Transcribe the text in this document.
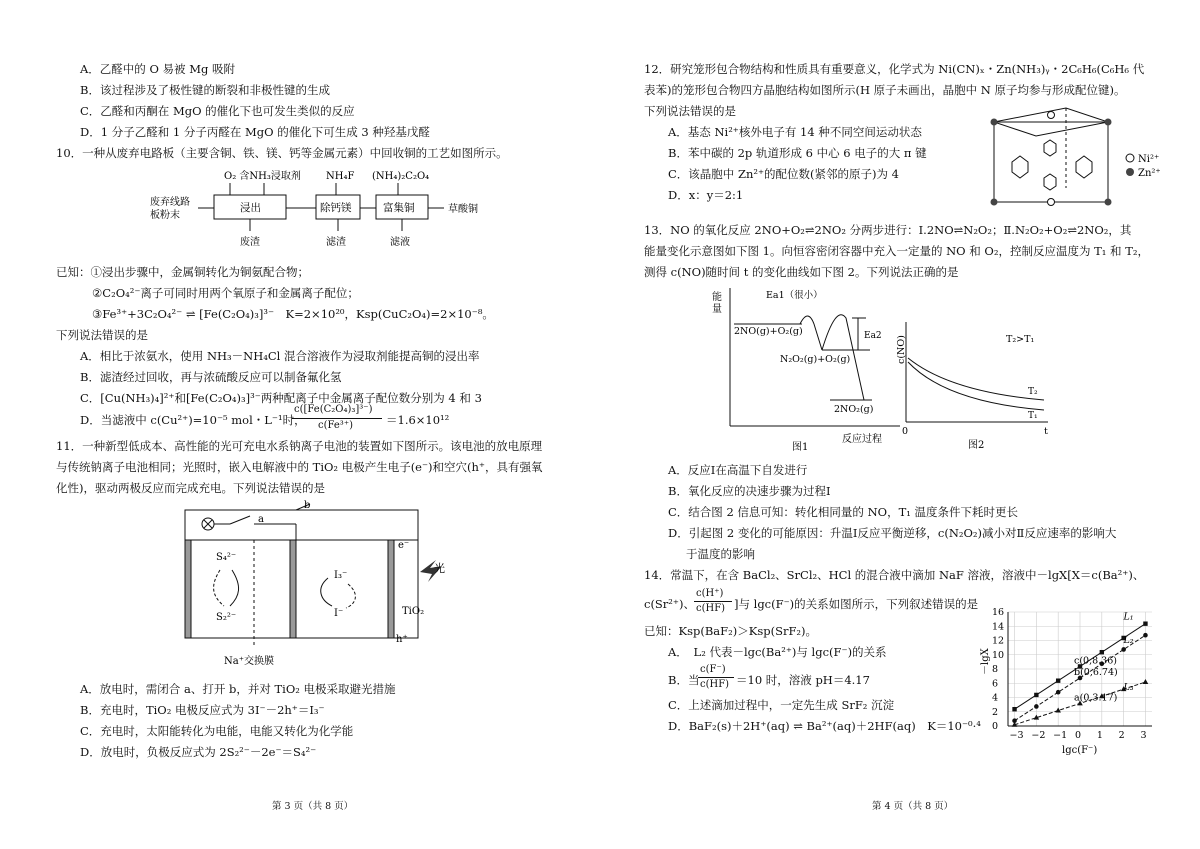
A．乙醛中的 O 易被 Mg 吸附
B．该过程涉及了极性键的断裂和非极性键的生成
C．乙醛和丙酮在 MgO 的催化下也可发生类似的反应
D．1 分子乙醛和 1 分子丙醛在 MgO 的催化下可生成 3 种羟基戊醛
10．一种从废弃电路板（主要含铜、铁、镁、钙等金属元素）中回收铜的工艺如图所示。
O₂ 含NH₃浸取剂	NH₄F (NH₄)₂C₂O₄
废弃线路
板粉末
浸出	除钙镁	富集铜	草酸铜
废渣	滤渣	滤液
已知：①浸出步骤中，金属铜转化为铜氨配合物；
②C₂O₄²⁻离子可同时用两个氧原子和金属离子配位；
③Fe³⁺+3C₂O₄²⁻ ⇌ [Fe(C₂O₄)₃]³⁻　K=2×10²⁰，Ksp(CuC₂O₄)=2×10⁻⁸。
下列说法错误的是
A．相比于浓氨水，使用 NH₃－NH₄Cl 混合溶液作为浸取剂能提高铜的浸出率
B．滤渣经过回收，再与浓硫酸反应可以制备氟化氢
C．[Cu(NH₃)₄]²⁺和[Fe(C₂O₄)₃]³⁻两种配离子中金属离子配位数分别为 4 和 3
D．当滤液中 c(Cu²⁺)=10⁻⁵ mol・L⁻¹时，
c([Fe(C₂O₄)₃]³⁻)
c(Fe³⁺)	＝1.6×10¹²
11．一种新型低成本、高性能的光可充电水系钠离子电池的装置如下图所示。该电池的放电原理
与传统钠离子电池相同；光照时，嵌入电解液中的 TiO₂ 电极产生电子(e⁻)和空穴(h⁺，具有强氧
化性)，驱动两极反应而完成充电。下列说法错误的是
a
b
S₄²⁻
S₂²⁻
I₃⁻
I⁻
e⁻
光
TiO₂
h⁺
Na⁺交换膜
A．放电时，需闭合 a、打开 b，并对 TiO₂ 电极采取避光措施
B．充电时，TiO₂ 电极反应式为 3I⁻－2h⁺＝I₃⁻
C．充电时，太阳能转化为电能，电能又转化为化学能
D．放电时，负极反应式为 2S₂²⁻－2e⁻＝S₄²⁻
第 3 页（共 8 页）
12．研究笼形包合物结构和性质具有重要意义，化学式为 Ni(CN)ₓ・Zn(NH₃)ᵧ・2C₆H₆(C₆H₆ 代
表苯)的笼形包合物四方晶胞结构如图所示(H 原子未画出，晶胞中 N 原子均参与形成配位键)。
下列说法错误的是
A．基态 Ni²⁺核外电子有 14 种不同空间运动状态
B．苯中碳的 2p 轨道形成 6 中心 6 电子的大 π 键
C．该晶胞中 Zn²⁺的配位数(紧邻的原子)为 4
D．x：y＝2:1
Ni²⁺
Zn²⁺
13．NO 的氧化反应 2NO+O₂⇌2NO₂ 分两步进行：Ⅰ.2NO⇌N₂O₂；Ⅱ.N₂O₂+O₂⇌2NO₂，其
能量变化示意图如下图 1。向恒容密闭容器中充入一定量的 NO 和 O₂，控制反应温度为 T₁ 和 T₂，
测得 c(NO)随时间 t 的变化曲线如下图 2。下列说法正确的是
能
量
Ea1（很小）
2NO(g)+O₂(g)
N₂O₂(g)+O₂(g)
Ea2
2NO₂(g)
反应过程
图1
c(NO)	T₂>T₁
T₂
T₁
0	t
图2
A．反应Ⅰ在高温下自发进行
B．氧化反应的决速步骤为过程Ⅰ
C．结合图 2 信息可知：转化相同量的 NO，T₁ 温度条件下耗时更长
D．引起图 2 变化的可能原因：升温Ⅰ反应平衡逆移，c(N₂O₂)减小对Ⅱ反应速率的影响大
于温度的影响
14．常温下，在含 BaCl₂、SrCl₂、HCl 的混合液中滴加 NaF 溶液，溶液中－lgX[X＝c(Ba²⁺)、
c(Sr²⁺)、
c(H⁺)
c(HF) ]与 lgc(F⁻)的关系如图所示，下列叙述错误的是
已知：Ksp(BaF₂)＞Ksp(SrF₂)。
A．　L₂ 代表－lgc(Ba²⁺)与 lgc(F⁻)的关系
B．当
c(F⁻)
c(HF) ＝10 时，溶液 pH＝4.17
C．上述滴加过程中，一定先生成 SrF₂ 沉淀
D．BaF₂(s)＋2H⁺(aq) ⇌ Ba²⁺(aq)＋2HF(aq)　K＝10⁻⁰·⁴
−3 −2 −1 0 1 2 3
0
2
4
6
8
10
12
14
16
lgc(F⁻)
－lgX
L₁
L₂
L₃
c(0,8.36)
b(0,6.74)
a(0,3.17)
第 4 页（共 8 页）
